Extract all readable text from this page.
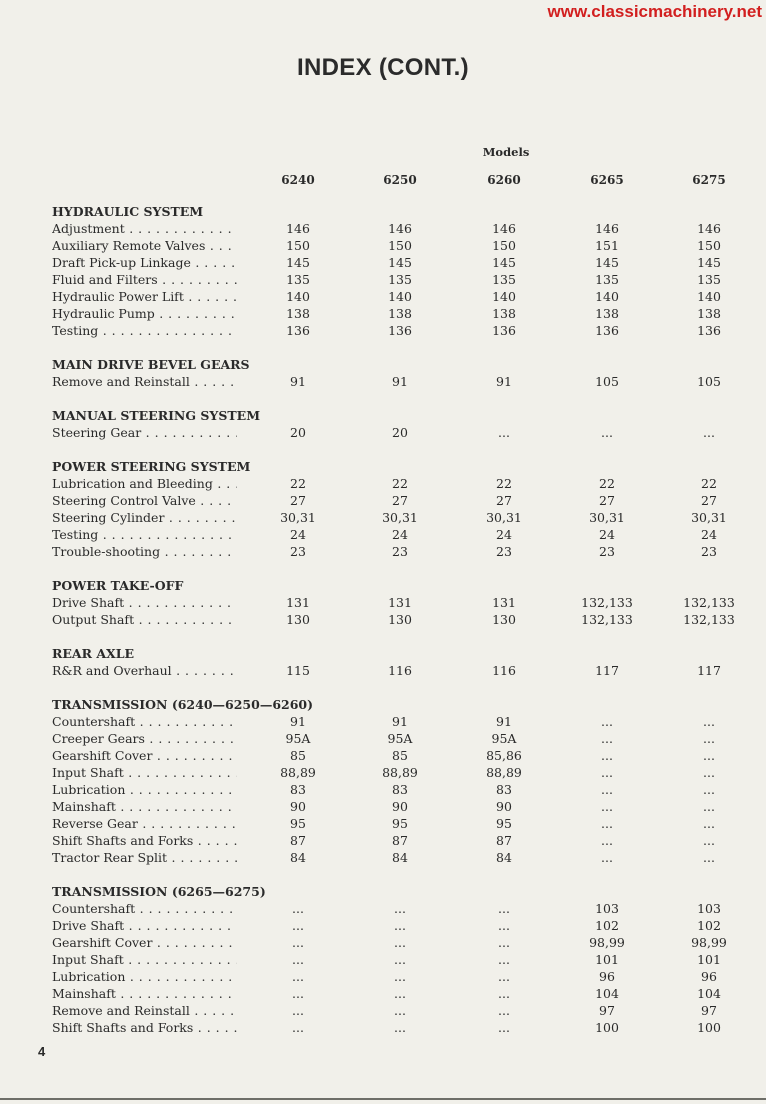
www.classicmachinery.net
INDEX (CONT.)
Models
6240	6250	6260	6265	6275
HYDRAULIC SYSTEM
Adjustment . . .	146	146	146	146	146
Auxiliary Remote Valves . . .	150	150	150	151	150
Draft Pick-up Linkage . . .	145	145	145	145	145
Fluid and Filters . . .	135	135	135	135	135
Hydraulic Power Lift . . .	140	140	140	140	140
Hydraulic Pump . . .	138	138	138	138	138
Testing . . .	136	136	136	136	136
MAIN DRIVE BEVEL GEARS
Remove and Reinstall . . .	91	91	91	105	105
MANUAL STEERING SYSTEM
Steering Gear . . .	20	20	...	...	...
POWER STEERING SYSTEM
Lubrication and Bleeding . . .	22	22	22	22	22
Steering Control Valve . . .	27	27	27	27	27
Steering Cylinder . . .	30,31	30,31	30,31	30,31	30,31
Testing . . .	24	24	24	24	24
Trouble-shooting . . .	23	23	23	23	23
POWER TAKE-OFF
Drive Shaft . . .	131	131	131	132,133	132,133
Output Shaft . . .	130	130	130	132,133	132,133
REAR AXLE
R&R and Overhaul . . .	115	116	116	117	117
TRANSMISSION (6240—6250—6260)
Countershaft . . .	91	91	91	...	...
Creeper Gears . . .	95A	95A	95A	...	...
Gearshift Cover . . .	85	85	85,86	...	...
Input Shaft . . .	88,89	88,89	88,89	...	...
Lubrication . . .	83	83	83	...	...
Mainshaft . . .	90	90	90	...	...
Reverse Gear . . .	95	95	95	...	...
Shift Shafts and Forks . . .	87	87	87	...	...
Tractor Rear Split . . .	84	84	84	...	...
TRANSMISSION (6265—6275)
Countershaft . . .	...	...	...	103	103
Drive Shaft . . .	...	...	...	102	102
Gearshift Cover . . .	...	...	...	98,99	98,99
Input Shaft . . .	...	...	...	101	101
Lubrication . . .	...	...	...	96	96
Mainshaft . . .	...	...	...	104	104
Remove and Reinstall . . .	...	...	...	97	97
Shift Shafts and Forks . . .	...	...	...	100	100
4
